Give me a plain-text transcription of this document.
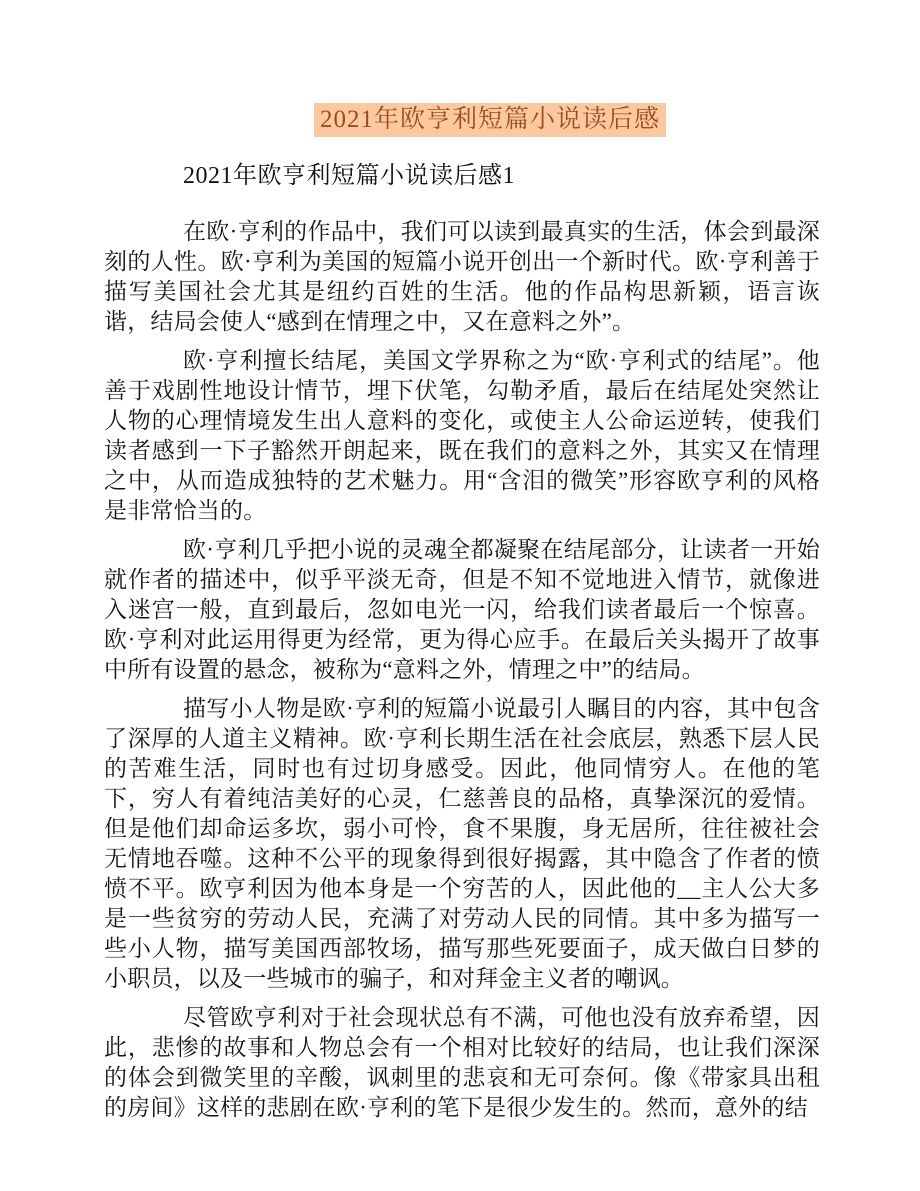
2021年欧亨利短篇小说读后感
2021年欧亨利短篇小说读后感1

在欧·亨利的作品中，我们可以读到最真实的生活，体会到最深刻的人性。欧·亨利为美国的短篇小说开创出一个新时代。欧·亨利善于描写美国社会尤其是纽约百姓的生活。他的作品构思新颖，语言诙谐，结局会使人“感到在情理之中，又在意料之外”。

欧·亨利擅长结尾，美国文学界称之为“欧·亨利式的结尾”。他善于戏剧性地设计情节，埋下伏笔，勾勒矛盾，最后在结尾处突然让人物的心理情境发生出人意料的变化，或使主人公命运逆转，使我们读者感到一下子豁然开朗起来，既在我们的意料之外，其实又在情理之中，从而造成独特的艺术魅力。用“含泪的微笑”形容欧亨利的风格是非常恰当的。

欧·亨利几乎把小说的灵魂全都凝聚在结尾部分，让读者一开始就作者的描述中，似乎平淡无奇，但是不知不觉地进入情节，就像进入迷宫一般，直到最后，忽如电光一闪，给我们读者最后一个惊喜。欧·亨利对此运用得更为经常，更为得心应手。在最后关头揭开了故事中所有设置的悬念，被称为“意料之外，情理之中”的结局。

描写小人物是欧·亨利的短篇小说最引人瞩目的内容，其中包含了深厚的人道主义精神。欧·亨利长期生活在社会底层，熟悉下层人民的苦难生活，同时也有过切身感受。因此，他同情穷人。在他的笔下，穷人有着纯洁美好的心灵，仁慈善良的品格，真挚深沉的爱情。但是他们却命运多坎，弱小可怜，食不果腹，身无居所，往往被社会无情地吞噬。这种不公平的现象得到很好揭露，其中隐含了作者的愤愤不平。欧亨利因为他本身是一个穷苦的人，因此他的__主人公大多是一些贫穷的劳动人民，充满了对劳动人民的同情。其中多为描写一些小人物，描写美国西部牧场，描写那些死要面子，成天做白日梦的小职员，以及一些城市的骗子，和对拜金主义者的嘲讽。

尽管欧亨利对于社会现状总有不满，可他也没有放弃希望，因此，悲惨的故事和人物总会有一个相对比较好的结局，也让我们深深的体会到微笑里的辛酸，讽刺里的悲哀和无可奈何。像《带家具出租的房间》这样的悲剧在欧·亨利的笔下是很少发生的。然而，意外的结
